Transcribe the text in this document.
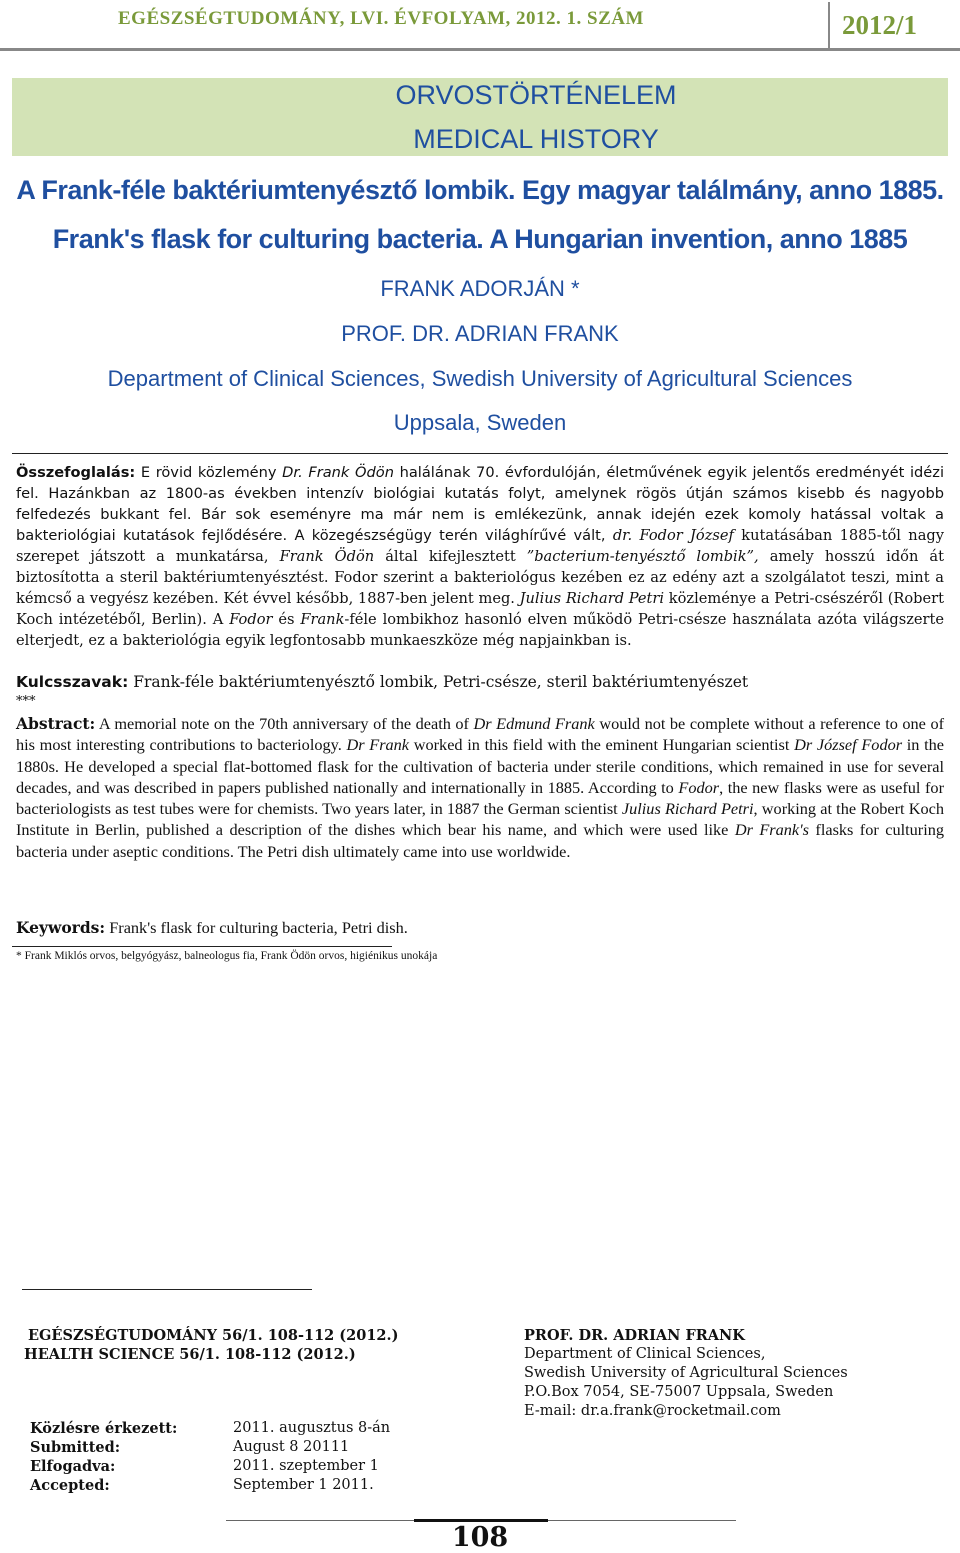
EGÉSZSÉGTUDOMÁNY, LVI. ÉVFOLYAM, 2012. 1. SZÁM	2012/1
ORVOSTÖRTÉNELEM
MEDICAL HISTORY
A Frank-féle baktériumtenyésztő lombik. Egy magyar találmány, anno 1885.
Frank's flask for culturing bacteria. A Hungarian invention, anno 1885
FRANK ADORJÁN *
PROF. DR. ADRIAN FRANK
Department of Clinical Sciences, Swedish University of Agricultural Sciences
Uppsala, Sweden
Összefoglalás: E rövid közlemény Dr. Frank Ödön halálának 70. évfordulóján, életművének egyik jelentős eredményét idézi fel. Hazánkban az 1800-as években intenzív biológiai kutatás folyt, amelynek rögös útján számos kisebb és nagyobb felfedezés bukkant fel. Bár sok eseményre ma már nem is emlékezünk, annak idején ezek komoly hatással voltak a bakteriológiai kutatások fejlődésére. A közegészségügy terén világhírűvé vált, dr. Fodor József kutatásában 1885-től nagy szerepet játszott a munkatársa, Frank Ödön által kifejlesztett ”bacterium-tenyésztő lombik”, amely hosszú időn át biztosította a steril baktériumtenyésztést. Fodor szerint a bakteriológus kezében ez az edény azt a szolgálatot teszi, mint a kémcső a vegyész kezében. Két évvel később, 1887-ben jelent meg. Julius Richard Petri közleménye a Petri-csészéről (Robert Koch intézetéből, Berlin). A Fodor és Frank-féle lombikhoz hasonló elven működö Petri-csésze használata azóta világszerte elterjedt, ez a bakteriológia egyik legfontosabb munkaeszköze még napjainkban is.
Kulcsszavak: Frank-féle baktériumtenyésztő lombik, Petri-csésze, steril baktériumtenyészet
***
Abstract: A memorial note on the 70th anniversary of the death of Dr Edmund Frank would not be complete without a reference to one of his most interesting contributions to bacteriology. Dr Frank worked in this field with the eminent Hungarian scientist Dr József Fodor in the 1880s. He developed a special flat-bottomed flask for the cultivation of bacteria under sterile conditions, which remained in use for several decades, and was described in papers published nationally and internationally in 1885. According to Fodor, the new flasks were as useful for bacteriologists as test tubes were for chemists. Two years later, in 1887 the German scientist Julius Richard Petri, working at the Robert Koch Institute in Berlin, published a description of the dishes which bear his name, and which were used like Dr Frank's flasks for culturing bacteria under aseptic conditions. The Petri dish ultimately came into use worldwide.
Keywords: Frank's flask for culturing bacteria, Petri dish.
* Frank Miklós orvos, belgyógyász, balneologus fia, Frank Ödön orvos, higiénikus unokája
EGÉSZSÉGTUDOMÁNY 56/1. 108-112 (2012.)
HEALTH SCIENCE 56/1. 108-112 (2012.)
PROF. DR. ADRIAN FRANK
Department of Clinical Sciences,
Swedish University of Agricultural Sciences
P.O.Box 7054, SE-75007 Uppsala, Sweden
E-mail: dr.a.frank@rocketmail.com
Közlésre érkezett:	2011. augusztus 8-án
Submitted:	August 8 20111
Elfogadva:	2011. szeptember 1
Accepted:	September 1 2011.
108
